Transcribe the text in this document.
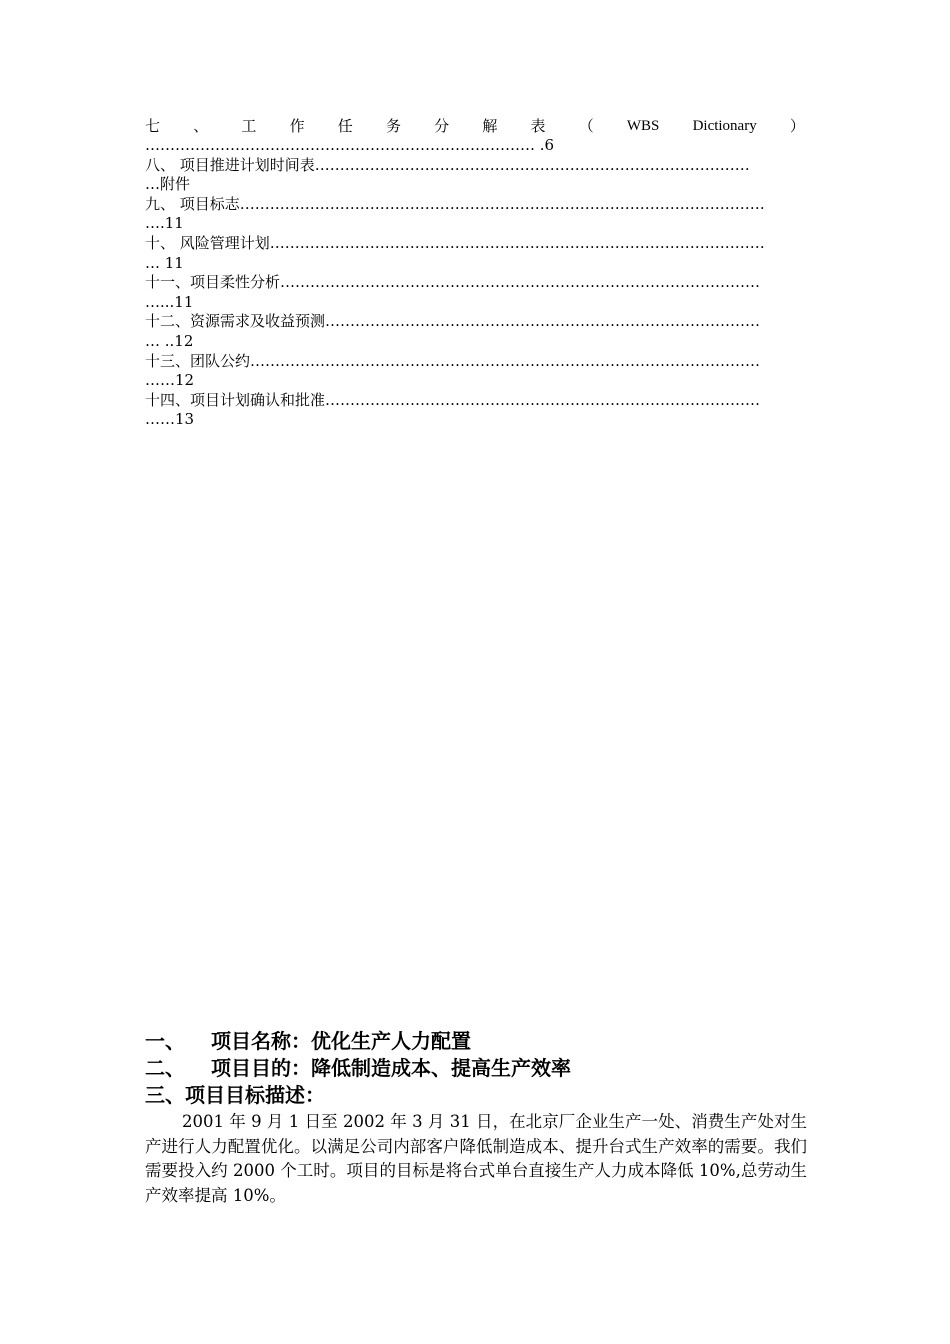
七 、 工 作 任 务 分 解 表 （ WBS Dictionary ）
…………………………………………………………………… .6
八、 项目推进计划时间表……………………………………………………………………………
…附件
九、 项目标志……………………………………………………………………………………………
….11
十、 风险管理计划………………………………………………………………………………………
… 11
十一、项目柔性分析……………………………………………………………………………………
…...11
十二、资源需求及收益预测……………………………………………………………………………
… ..12
十三、团队公约…………………………………………………………………………………………
……12
十四、项目计划确认和批准……………………………………………………………………………
……13
一、 项目名称：优化生产人力配置
二、 项目目的：降低制造成本、提高生产效率
三、项目目标描述：

2001 年 9 月 1 日至 2002 年 3 月 31 日，在北京厂企业生产一处、消费生产处对生产进行人力配置优化。以满足公司内部客户降低制造成本、提升台式生产效率的需要。我们需要投入约 2000 个工时。项目的目标是将台式单台直接生产人力成本降低 10%,总劳动生产效率提高 10%。
